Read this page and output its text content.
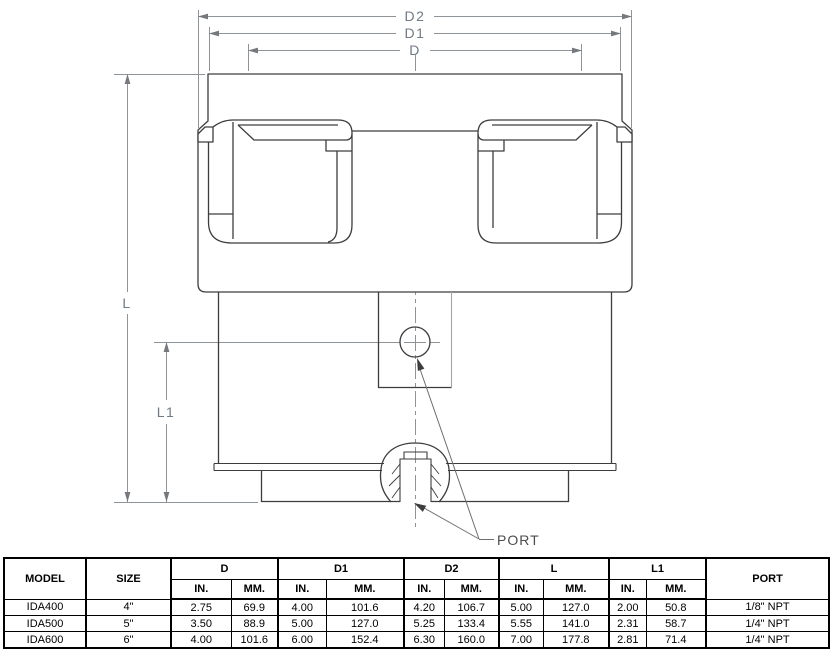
D2
D1
D
L
L1
PORT
MODEL	SIZE	D		D1		D2		L		L1		PORT
		IN.	MM.	IN.	MM.	IN.	MM.	IN.	MM.	IN.	MM.	
IDA400	4"	2.75	69.9	4.00	101.6	4.20	106.7	5.00	127.0	2.00	50.8	1/8" NPT
IDA500	5"	3.50	88.9	5.00	127.0	5.25	133.4	5.55	141.0	2.31	58.7	1/4" NPT
IDA600	6"	4.00	101.6	6.00	152.4	6.30	160.0	7.00	177.8	2.81	71.4	1/4" NPT
